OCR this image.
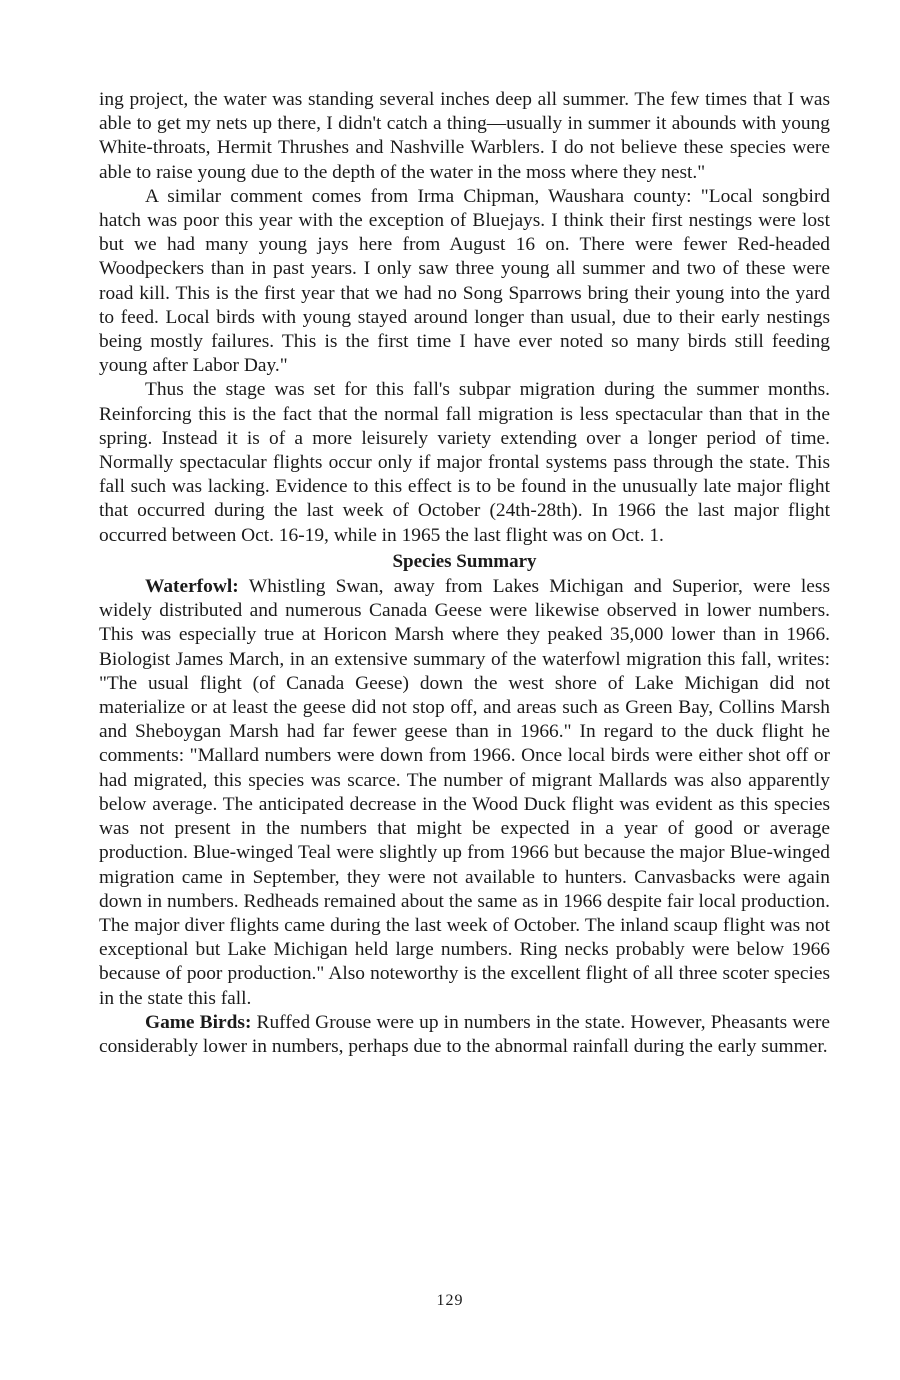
ing project, the water was standing several inches deep all summer. The few times that I was able to get my nets up there, I didn't catch a thing—usually in summer it abounds with young White-throats, Hermit Thrushes and Nashville Warblers. I do not believe these species were able to raise young due to the depth of the water in the moss where they nest."

A similar comment comes from Irma Chipman, Waushara county: "Local songbird hatch was poor this year with the exception of Bluejays. I think their first nestings were lost but we had many young jays here from August 16 on. There were fewer Red-headed Woodpeckers than in past years. I only saw three young all summer and two of these were road kill. This is the first year that we had no Song Sparrows bring their young into the yard to feed. Local birds with young stayed around longer than usual, due to their early nestings being mostly failures. This is the first time I have ever noted so many birds still feeding young after Labor Day."

Thus the stage was set for this fall's subpar migration during the summer months. Reinforcing this is the fact that the normal fall migration is less spectacular than that in the spring. Instead it is of a more leisurely variety extending over a longer period of time. Normally spectacular flights occur only if major frontal systems pass through the state. This fall such was lacking. Evidence to this effect is to be found in the unusually late major flight that occurred during the last week of October (24th-28th). In 1966 the last major flight occurred between Oct. 16-19, while in 1965 the last flight was on Oct. 1.

Species Summary

Waterfowl: Whistling Swan, away from Lakes Michigan and Superior, were less widely distributed and numerous Canada Geese were likewise observed in lower numbers. This was especially true at Horicon Marsh where they peaked 35,000 lower than in 1966. Biologist James March, in an extensive summary of the waterfowl migration this fall, writes: "The usual flight (of Canada Geese) down the west shore of Lake Michigan did not materialize or at least the geese did not stop off, and areas such as Green Bay, Collins Marsh and Sheboygan Marsh had far fewer geese than in 1966." In regard to the duck flight he comments: "Mallard numbers were down from 1966. Once local birds were either shot off or had migrated, this species was scarce. The number of migrant Mallards was also apparently below average. The anticipated decrease in the Wood Duck flight was evident as this species was not present in the numbers that might be expected in a year of good or average production. Blue-winged Teal were slightly up from 1966 but because the major Blue-winged migration came in September, they were not available to hunters. Canvasbacks were again down in numbers. Redheads remained about the same as in 1966 despite fair local production. The major diver flights came during the last week of October. The inland scaup flight was not exceptional but Lake Michigan held large numbers. Ring necks probably were below 1966 because of poor production." Also noteworthy is the excellent flight of all three scoter species in the state this fall.

Game Birds: Ruffed Grouse were up in numbers in the state. However, Pheasants were considerably lower in numbers, perhaps due to the abnormal rainfall during the early summer.

129
